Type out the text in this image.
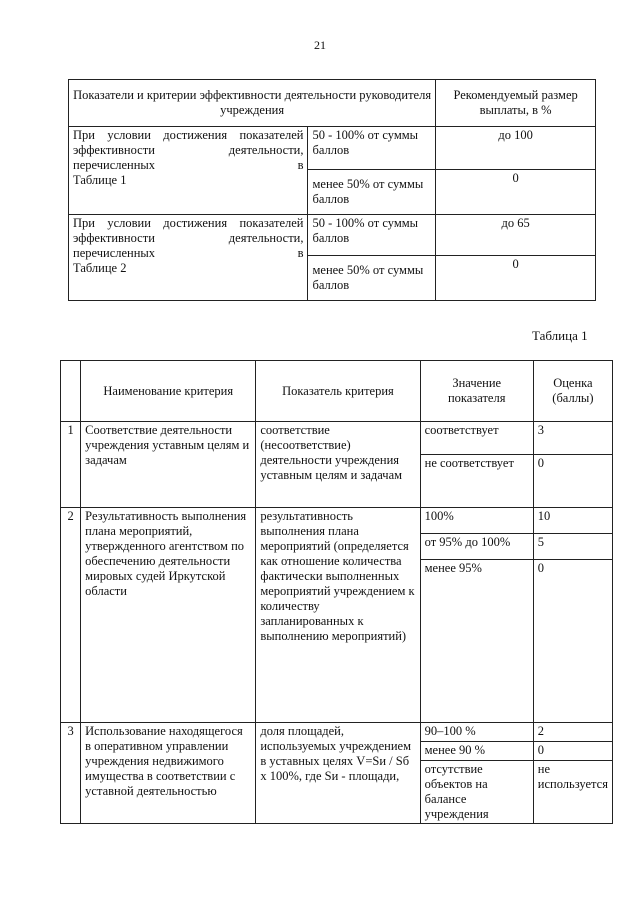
21
Показатели и критерии эффективности деятельности руководителя учреждения		Рекомендуемый размер выплаты, в %
При условии достижения показателей эффективности деятельности, перечисленных в
Таблице 1	50 - 100% от суммы баллов	до 100
	менее 50% от суммы баллов	0
При условии достижения показателей эффективности деятельности, перечисленных в
Таблице 2	50 - 100% от суммы баллов	до 65
	менее 50% от суммы баллов	0
Таблица 1
	Наименование критерия	Показатель критерия	Значение показателя	Оценка (баллы)
1	Соответствие деятельности учреждения уставным целям и задачам	соответствие (несоответствие) деятельности учреждения уставным целям и задачам	соответствует	3
			не соответствует	0
2	Результативность выполнения плана мероприятий, утвержденного агентством по обеспечению деятельности мировых судей Иркутской области	результативность выполнения плана мероприятий (определяется как отношение количества фактически выполненных мероприятий учреждением к количеству запланированных к выполнению мероприятий)	100%	10
			от 95% до 100%	5
			менее 95%	0
3	Использование находящегося в оперативном управлении учреждения недвижимого имущества в соответствии с уставной деятельностью	доля площадей, используемых учреждением в уставных целях V=Sи / Sб х 100%, где Sи - площади,	90–100 %	2
			менее 90 %	0
			отсутствие объектов на балансе учреждения	не используется
